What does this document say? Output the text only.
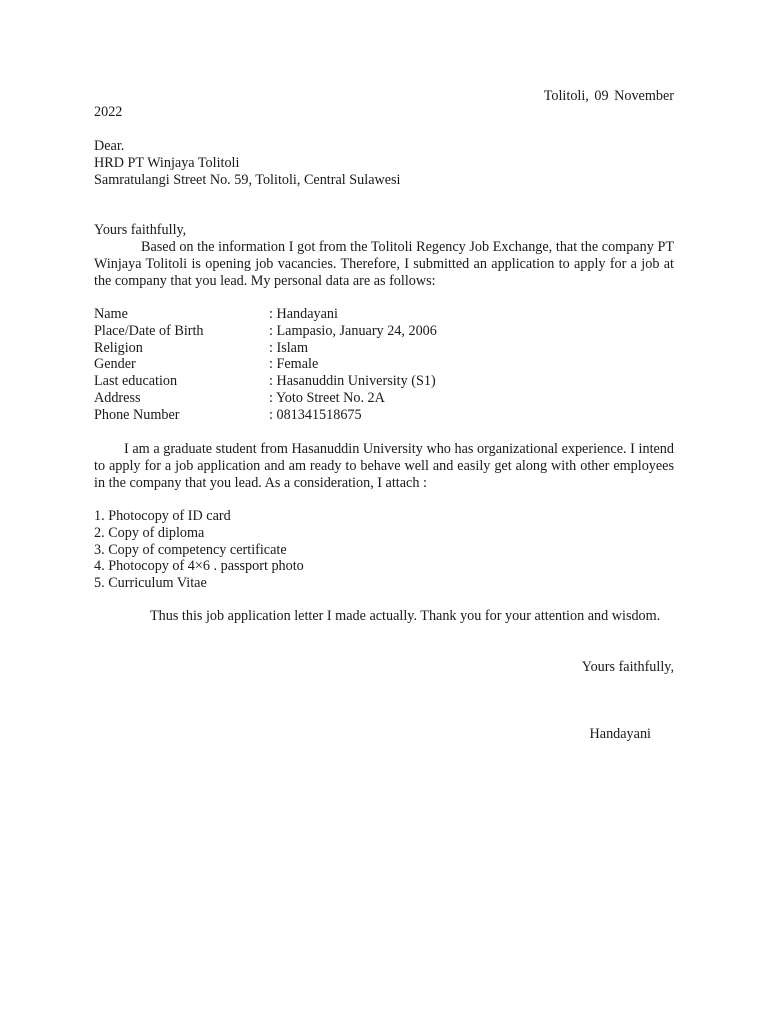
Tolitoli, 09 November
2022
Dear.
HRD PT Winjaya Tolitoli
Samratulangi Street No. 59, Tolitoli, Central Sulawesi
Yours faithfully,
Based on the information I got from the Tolitoli Regency Job Exchange, that the company PT Winjaya Tolitoli is opening job vacancies. Therefore, I submitted an application to apply for a job at the company that you lead. My personal data are as follows:
Name	: Handayani
Place/Date of Birth	: Lampasio, January 24, 2006
Religion	: Islam
Gender	: Female
Last education	: Hasanuddin University (S1)
Address	: Yoto Street No. 2A
Phone Number	: 081341518675
I am a graduate student from Hasanuddin University who has organizational experience. I intend to apply for a job application and am ready to behave well and easily get along with other employees in the company that you lead. As a consideration, I attach :
1. Photocopy of ID card
2. Copy of diploma
3. Copy of competency certificate
4. Photocopy of 4×6 . passport photo
5. Curriculum Vitae
Thus this job application letter I made actually. Thank you for your attention and wisdom.
Yours faithfully,
Handayani
